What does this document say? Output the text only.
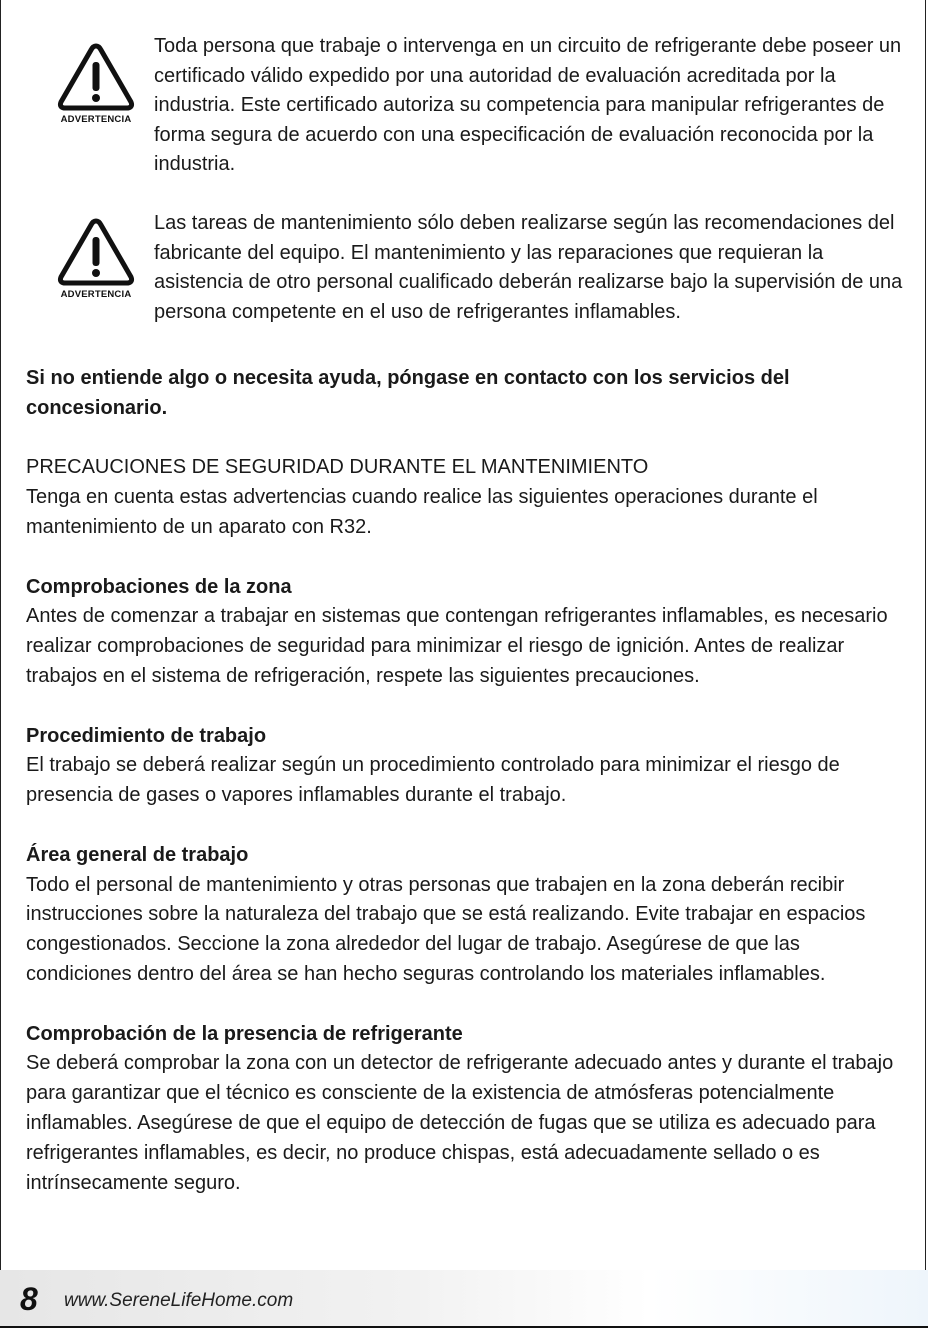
ADVERTENCIA
Toda persona que trabaje o intervenga en un circuito de refrigerante debe poseer un certificado válido expedido por una autoridad de evaluación acreditada por la industria. Este certificado autoriza su competencia para manipular refrigerantes de forma segura de acuerdo con una especificación de evaluación reconocida por la industria.
ADVERTENCIA
Las tareas de mantenimiento sólo deben realizarse según las recomendaciones del fabricante del equipo. El mantenimiento y las reparaciones que requieran la asistencia de otro personal cualificado deberán realizarse bajo la supervisión de una persona competente en el uso de refrigerantes inflamables.

Si no entiende algo o necesita ayuda, póngase en contacto con los servicios del concesionario.

PRECAUCIONES DE SEGURIDAD DURANTE EL MANTENIMIENTO

Tenga en cuenta estas advertencias cuando realice las siguientes operaciones durante el mantenimiento de un aparato con R32.

Comprobaciones de la zona

Antes de comenzar a trabajar en sistemas que contengan refrigerantes inflamables, es necesario realizar comprobaciones de seguridad para minimizar el riesgo de ignición. Antes de realizar trabajos en el sistema de refrigeración, respete las siguientes precauciones.

Procedimiento de trabajo

El trabajo se deberá realizar según un procedimiento controlado para minimizar el riesgo de presencia de gases o vapores inflamables durante el trabajo.

Área general de trabajo

Todo el personal de mantenimiento y otras personas que trabajen en la zona deberán recibir instrucciones sobre la naturaleza del trabajo que se está realizando. Evite trabajar en espacios congestionados. Seccione la zona alrededor del lugar de trabajo. Asegúrese de que las condiciones dentro del área se han hecho seguras controlando los materiales inflamables.

Comprobación de la presencia de refrigerante

Se deberá comprobar la zona con un detector de refrigerante adecuado antes y durante el trabajo para garantizar que el técnico es consciente de la existencia de atmósferas potencialmente inflamables. Asegúrese de que el equipo de detección de fugas que se utiliza es adecuado para refrigerantes inflamables, es decir, no produce chispas, está adecuadamente sellado o es intrínsecamente seguro.

8 www.SereneLifeHome.com
